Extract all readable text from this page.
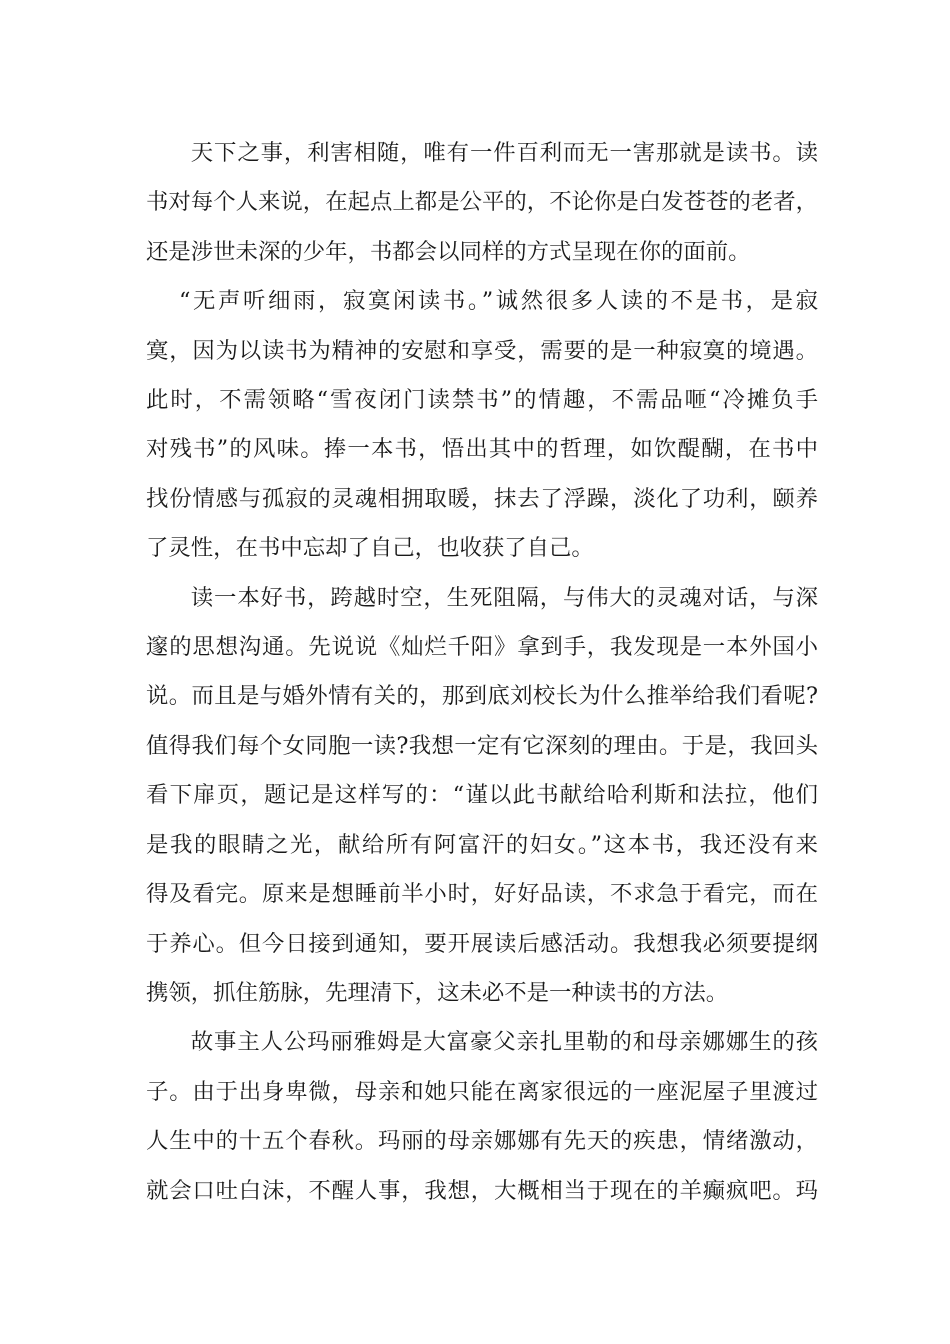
天下之事，利害相随，唯有一件百利而无一害那就是读书。读
书对每个人来说，在起点上都是公平的，不论你是白发苍苍的老者，
还是涉世未深的少年，书都会以同样的方式呈现在你的面前。

“无声听细雨，寂寞闲读书。”诚然很多人读的不是书，是寂
寞，因为以读书为精神的安慰和享受，需要的是一种寂寞的境遇。
此时，不需领略“雪夜闭门读禁书”的情趣，不需品咂“冷摊负手
对残书”的风味。捧一本书，悟出其中的哲理，如饮醍醐，在书中
找份情感与孤寂的灵魂相拥取暖，抹去了浮躁，淡化了功利，颐养
了灵性，在书中忘却了自己，也收获了自己。

读一本好书，跨越时空，生死阻隔，与伟大的灵魂对话，与深
邃的思想沟通。先说说《灿烂千阳》拿到手，我发现是一本外国小
说。而且是与婚外情有关的，那到底刘校长为什么推举给我们看呢?
值得我们每个女同胞一读?我想一定有它深刻的理由。于是，我回头
看下扉页，题记是这样写的：“谨以此书献给哈利斯和法拉，他们
是我的眼睛之光，献给所有阿富汗的妇女。”这本书，我还没有来
得及看完。原来是想睡前半小时，好好品读，不求急于看完，而在
于养心。但今日接到通知，要开展读后感活动。我想我必须要提纲
携领，抓住筋脉，先理清下，这未必不是一种读书的方法。

故事主人公玛丽雅姆是大富豪父亲扎里勒的和母亲娜娜生的孩
子。由于出身卑微，母亲和她只能在离家很远的一座泥屋子里渡过
人生中的十五个春秋。玛丽的母亲娜娜有先天的疾患，情绪激动，
就会口吐白沫，不醒人事，我想，大概相当于现在的羊癫疯吧。玛
